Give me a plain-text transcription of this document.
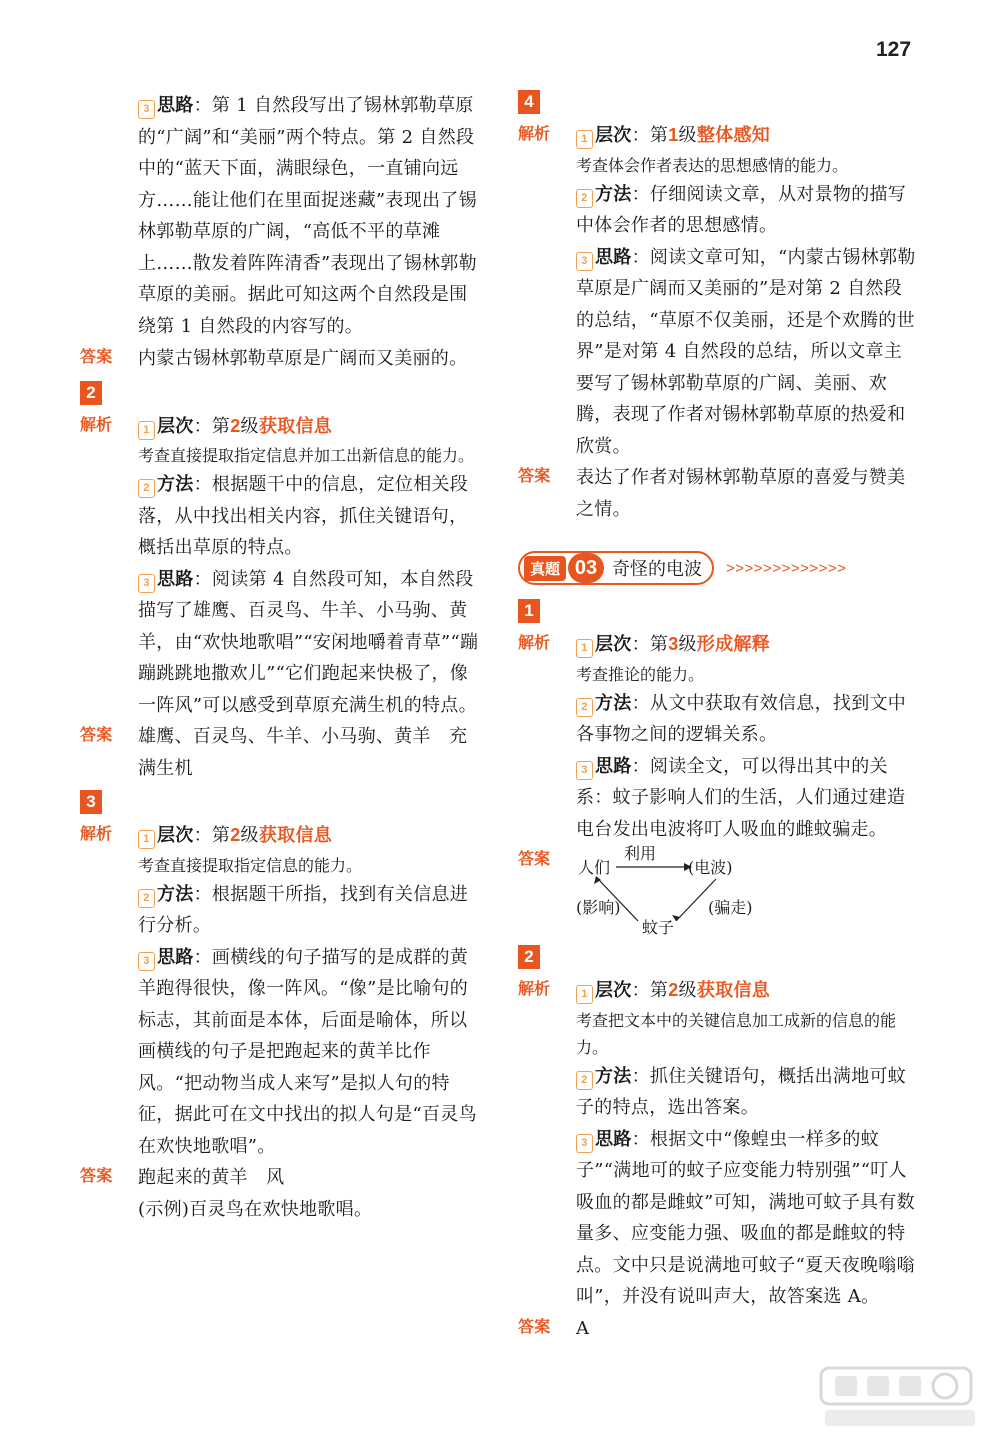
127
3 思路：第 1 自然段写出了锡林郭勒草原的“广阔”和“美丽”两个特点。第 2 自然段中的“蓝天下面，满眼绿色，一直铺向远方……能让他们在里面捉迷藏”表现出了锡林郭勒草原的广阔，“高低不平的草滩上……散发着阵阵清香”表现出了锡林郭勒草原的美丽。据此可知这两个自然段是围绕第 1 自然段的内容写的。
答案	内蒙古锡林郭勒草原是广阔而又美丽的。
2
解析	1 层次：第2级获取信息
考查直接提取指定信息并加工出新信息的能力。
2 方法：根据题干中的信息，定位相关段落，从中找出相关内容，抓住关键语句，概括出草原的特点。
3 思路：阅读第 4 自然段可知，本自然段描写了雄鹰、百灵鸟、牛羊、小马驹、黄羊，由“欢快地歌唱”“安闲地嚼着青草”“蹦蹦跳跳地撒欢儿”“它们跑起来快极了，像一阵风”可以感受到草原充满生机的特点。
答案	雄鹰、百灵鸟、牛羊、小马驹、黄羊　充满生机
3
解析	1 层次：第2级获取信息
考查直接提取指定信息的能力。
2 方法：根据题干所指，找到有关信息进行分析。
3 思路：画横线的句子描写的是成群的黄羊跑得很快，像一阵风。“像”是比喻句的标志，其前面是本体，后面是喻体，所以画横线的句子是把跑起来的黄羊比作风。“把动物当成人来写”是拟人句的特征，据此可在文中找出的拟人句是“百灵鸟在欢快地歌唱”。
答案	跑起来的黄羊　风
(示例)百灵鸟在欢快地歌唱。
4
解析	1 层次：第1级整体感知
考查体会作者表达的思想感情的能力。
2 方法：仔细阅读文章，从对景物的描写中体会作者的思想感情。
3 思路：阅读文章可知，“内蒙古锡林郭勒草原是广阔而又美丽的”是对第 2 自然段的总结，“草原不仅美丽，还是个欢腾的世界”是对第 4 自然段的总结，所以文章主要写了锡林郭勒草原的广阔、美丽、欢腾，表现了作者对锡林郭勒草原的热爱和欣赏。
答案	表达了作者对锡林郭勒草原的喜爱与赞美之情。
真题 03 奇怪的电波 >>>>>>>>>>>>>
1
解析	1 层次：第3级形成解释
考查推论的能力。
2 方法：从文中获取有效信息，找到文中各事物之间的逻辑关系。
3 思路：阅读全文，可以得出其中的关系：蚊子影响人们的生活，人们通过建造电台发出电波将叮人吸血的雌蚊骗走。
答案	人们
利用
(电波)
(影响)	(骗走)
蚊子
2
解析	1 层次：第2级获取信息
考查把文本中的关键信息加工成新的信息的能力。
2 方法：抓住关键语句，概括出满地可蚊子的特点，选出答案。
3 思路：根据文中“像蝗虫一样多的蚊子”“满地可的蚊子应变能力特别强”“叮人吸血的都是雌蚊”可知，满地可蚊子具有数量多、应变能力强、吸血的都是雌蚊的特点。文中只是说满地可蚊子“夏天夜晚嗡嗡叫”，并没有说叫声大，故答案选 A。
答案	A
